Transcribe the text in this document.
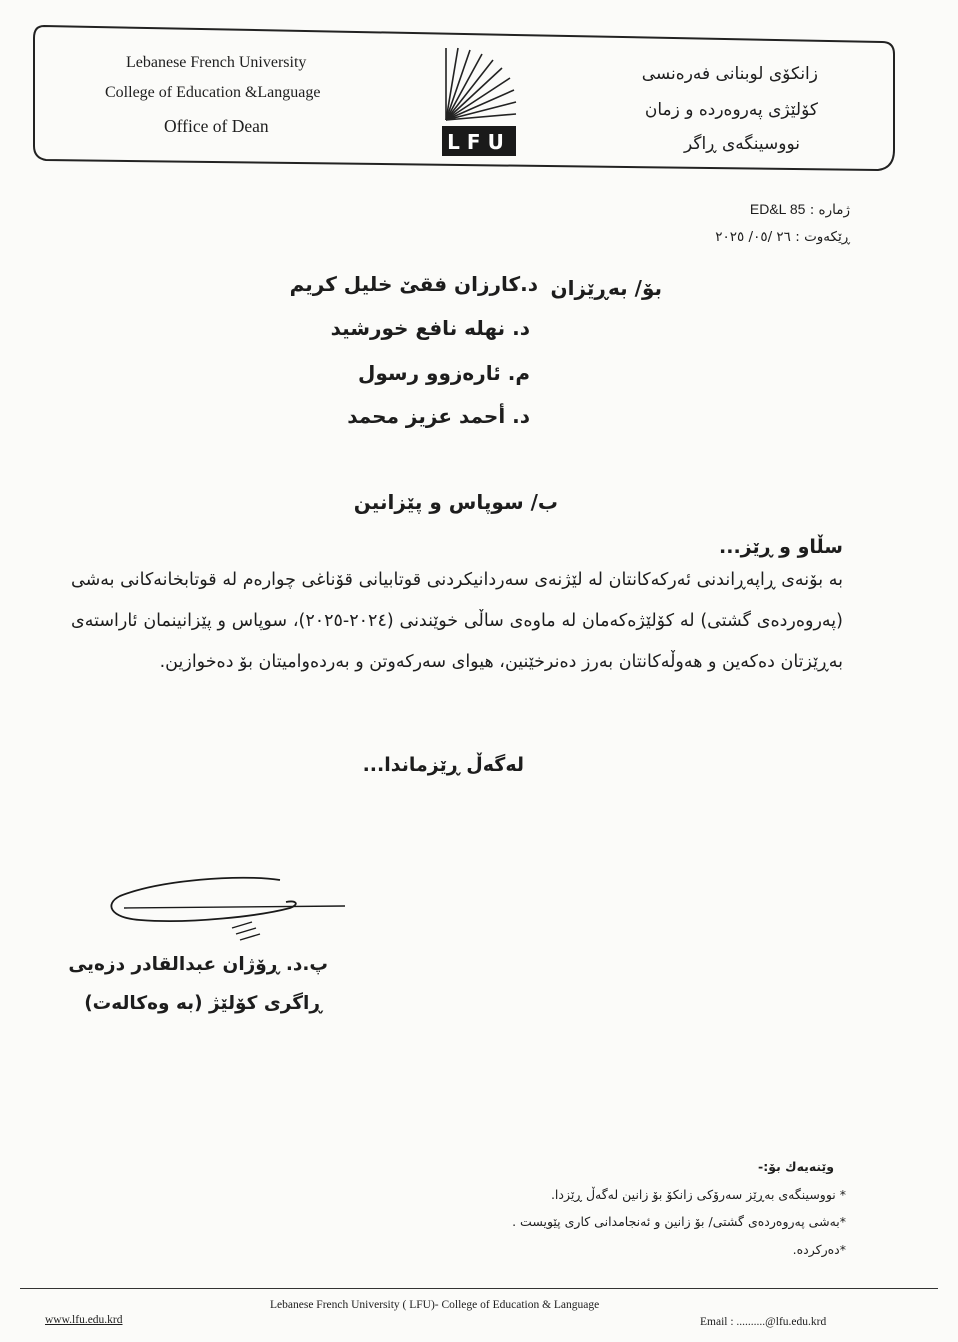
Lebanese French University
College of Education &Language
Office of Dean
LFU
زانكۆی لوبنانی فەرەنسی
كۆلێژی پەروەردە و زمان
نووسینگەی ڕاگر
ژمارە : ED&L 85
ڕێكەوت : ٢٦ /٠٥/ ٢٠٢٥
بۆ/ بەڕێزان
د.كارزان فقێ خلیل كریم
د. نهلە نافع خورشید
م. ئارەزوو رسول
د. أحمد عزیز محمد
ب/ سوپاس و پێزانین
سڵاو و ڕێز...
بە بۆنەی ڕاپەڕاندنی ئەركەكانتان لە لێژنەی سەردانیكردنی قوتابیانی قۆناغی چوارەم لە قوتابخانەكانی بەشی (پەروەردەی گشتی) لە كۆلێژەكەمان لە ماوەی ساڵی خوێندنی (٢٠٢٤-٢٠٢٥)، سوپاس و پێزانینمان ئاراستەی بەڕێزتان دەكەین و هەوڵەكانتان بەرز دەنرخێنین، هیوای سەركەوتن و بەردەوامیتان بۆ دەخوازین.
لەگەڵ ڕێزماندا...
پ.د. ڕۆژان عبدالقادر دزەیی
ڕاگری كۆلێژ (بە وەكالەت)
وێنەیەك بۆ:-
* نووسینگەی بەڕێز سەرۆكی زانكۆ بۆ زانین لەگەڵ ڕێزدا.
*بەشی پەروەردەی گشتی/ بۆ زانین و ئەنجامدانی كاری پێویست .
*دەركردە.
Lebanese French University ( LFU)- College of Education & Language
www.lfu.edu.krd	Email : ..........@lfu.edu.krd
